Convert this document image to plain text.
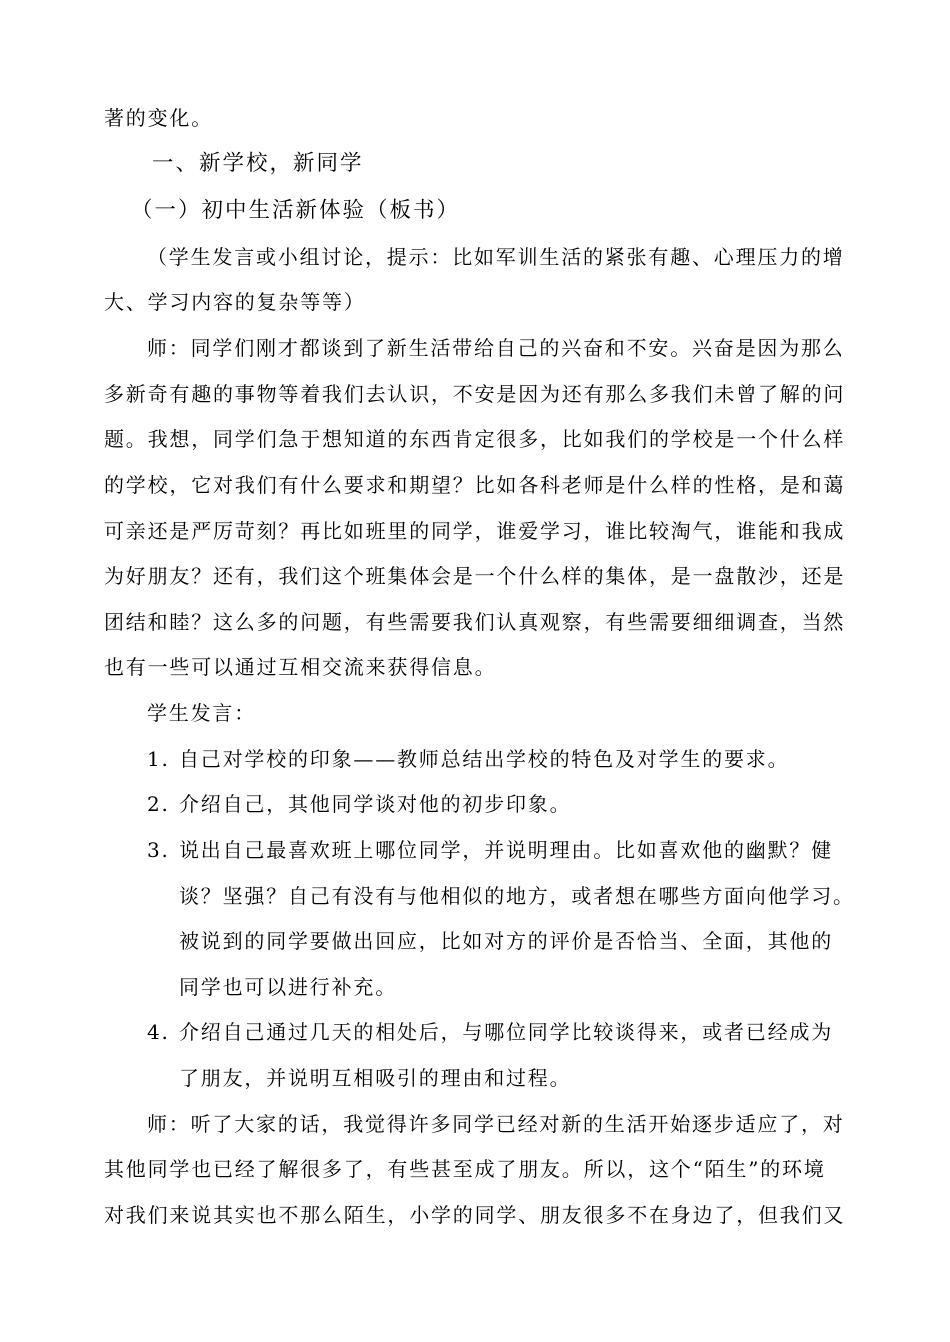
著的变化。
一、新学校，新同学
（一）初中生活新体验（板书）
（学生发言或小组讨论，提示：比如军训生活的紧张有趣、心理压力的增
大、学习内容的复杂等等）
师：同学们刚才都谈到了新生活带给自己的兴奋和不安。兴奋是因为那么
多新奇有趣的事物等着我们去认识，不安是因为还有那么多我们未曾了解的问
题。我想，同学们急于想知道的东西肯定很多，比如我们的学校是一个什么样
的学校，它对我们有什么要求和期望？比如各科老师是什么样的性格，是和蔼
可亲还是严厉苛刻？再比如班里的同学，谁爱学习，谁比较淘气，谁能和我成
为好朋友？还有，我们这个班集体会是一个什么样的集体，是一盘散沙，还是
团结和睦？这么多的问题，有些需要我们认真观察，有些需要细细调查，当然
也有一些可以通过互相交流来获得信息。
学生发言：
1. 自己对学校的印象——教师总结出学校的特色及对学生的要求。
2. 介绍自己，其他同学谈对他的初步印象。
3. 说出自己最喜欢班上哪位同学，并说明理由。比如喜欢他的幽默？健
谈？坚强？自己有没有与他相似的地方，或者想在哪些方面向他学习。
被说到的同学要做出回应，比如对方的评价是否恰当、全面，其他的
同学也可以进行补充。
4. 介绍自己通过几天的相处后，与哪位同学比较谈得来，或者已经成为
了朋友，并说明互相吸引的理由和过程。
师：听了大家的话，我觉得许多同学已经对新的生活开始逐步适应了，对
其他同学也已经了解很多了，有些甚至成了朋友。所以，这个“陌生”的环境
对我们来说其实也不那么陌生，小学的同学、朋友很多不在身边了，但我们又
